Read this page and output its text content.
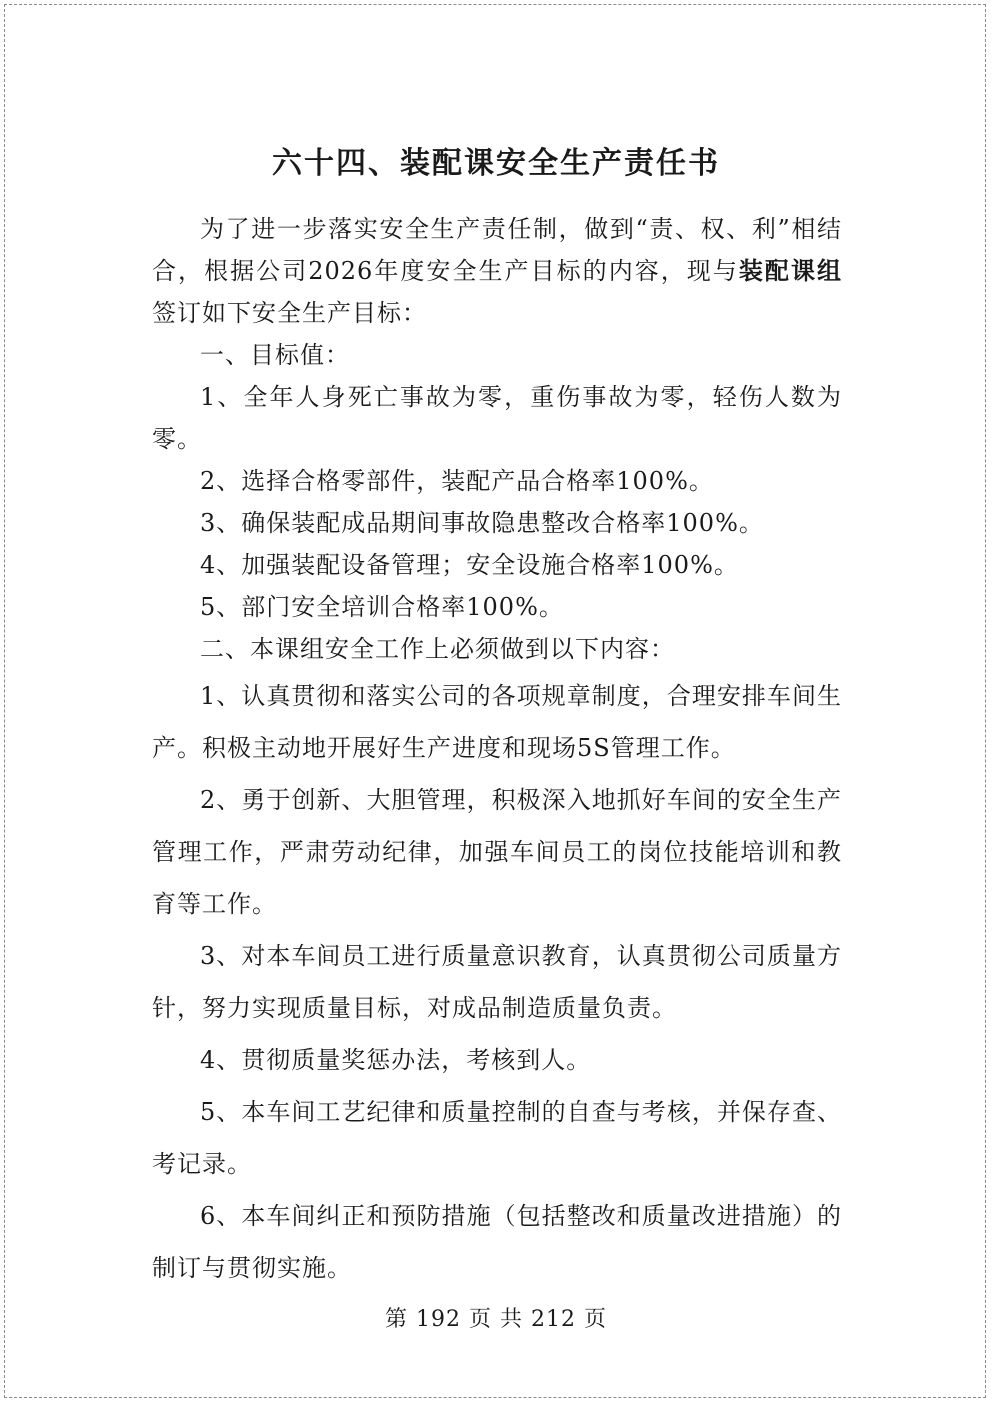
六十四、装配课安全生产责任书

为了进一步落实安全生产责任制，做到“责、权、利”相结合，根据公司2026年度安全生产目标的内容，现与装配课组签订如下安全生产目标：

一、目标值：

1、全年人身死亡事故为零，重伤事故为零，轻伤人数为零。

2、选择合格零部件，装配产品合格率100%。

3、确保装配成品期间事故隐患整改合格率100%。

4、加强装配设备管理；安全设施合格率100%。

5、部门安全培训合格率100%。

二、本课组安全工作上必须做到以下内容：

1、认真贯彻和落实公司的各项规章制度，合理安排车间生产。积极主动地开展好生产进度和现场5S管理工作。

2、勇于创新、大胆管理，积极深入地抓好车间的安全生产管理工作，严肃劳动纪律，加强车间员工的岗位技能培训和教育等工作。

3、对本车间员工进行质量意识教育，认真贯彻公司质量方针，努力实现质量目标，对成品制造质量负责。

4、贯彻质量奖惩办法，考核到人。

5、本车间工艺纪律和质量控制的自查与考核，并保存查、考记录。

6、本车间纠正和预防措施（包括整改和质量改进措施）的制订与贯彻实施。

第 192 页 共 212 页
